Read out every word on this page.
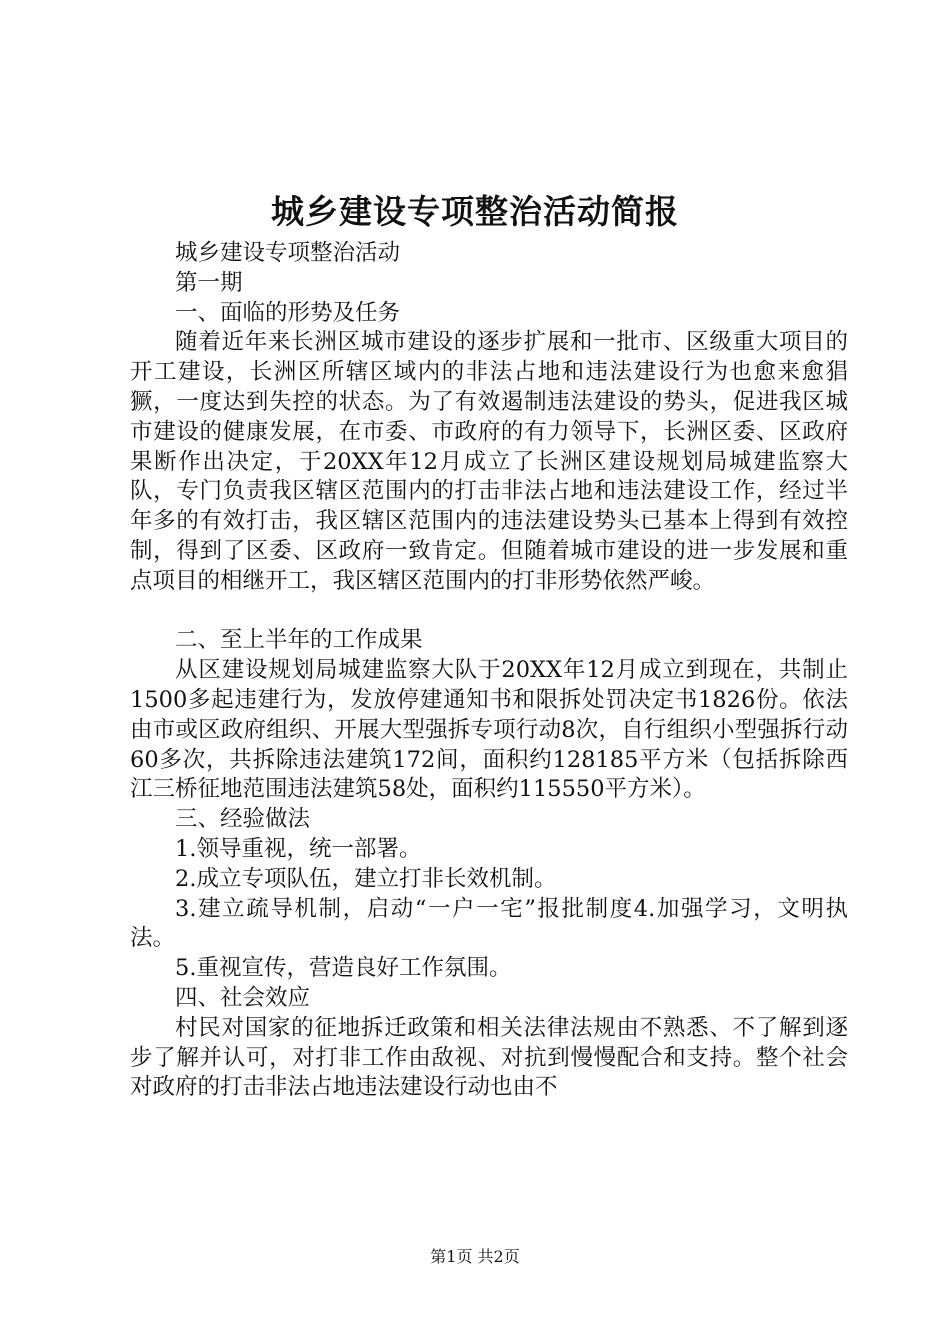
城乡建设专项整治活动简报

城乡建设专项整治活动

第一期

一、面临的形势及任务

随着近年来长洲区城市建设的逐步扩展和一批市、区级重大项目的开工建设，长洲区所辖区域内的非法占地和违法建设行为也愈来愈猖獗，一度达到失控的状态。为了有效遏制违法建设的势头，促进我区城市建设的健康发展，在市委、市政府的有力领导下，长洲区委、区政府果断作出决定，于20XX年12月成立了长洲区建设规划局城建监察大队，专门负责我区辖区范围内的打击非法占地和违法建设工作，经过半年多的有效打击，我区辖区范围内的违法建设势头已基本上得到有效控制，得到了区委、区政府一致肯定。但随着城市建设的进一步发展和重点项目的相继开工，我区辖区范围内的打非形势依然严峻。

二、至上半年的工作成果

从区建设规划局城建监察大队于20XX年12月成立到现在，共制止1500多起违建行为，发放停建通知书和限拆处罚决定书1826份。依法由市或区政府组织、开展大型强拆专项行动8次，自行组织小型强拆行动60多次，共拆除违法建筑172间，面积约128185平方米（包括拆除西江三桥征地范围违法建筑58处，面积约115550平方米）。

三、经验做法

1.领导重视，统一部署。

2.成立专项队伍，建立打非长效机制。

3.建立疏导机制，启动“一户一宅”报批制度4.加强学习，文明执法。

5.重视宣传，营造良好工作氛围。

四、社会效应

村民对国家的征地拆迁政策和相关法律法规由不熟悉、不了解到逐步了解并认可，对打非工作由敌视、对抗到慢慢配合和支持。整个社会对政府的打击非法占地违法建设行动也由不

第1页 共2页
